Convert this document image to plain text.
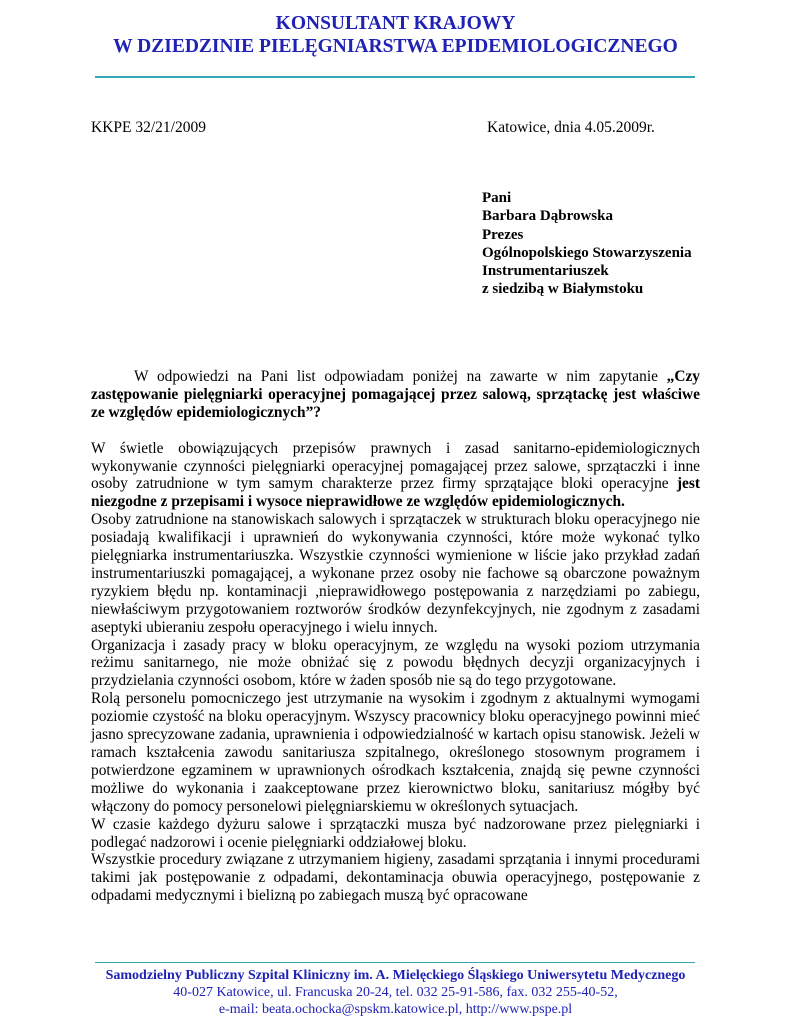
KONSULTANT KRAJOWY
W DZIEDZINIE PIELĘGNIARSTWA EPIDEMIOLOGICZNEGO
KKPE 32/21/2009	Katowice, dnia 4.05.2009r.
Pani
Barbara Dąbrowska
Prezes
Ogólnopolskiego Stowarzyszenia
Instrumentariuszek
z siedzibą w Białymstoku

W odpowiedzi na Pani list odpowiadam poniżej na zawarte w nim zapytanie „Czy zastępowanie pielęgniarki operacyjnej pomagającej przez salową, sprzątackę jest właściwe ze względów epidemiologicznych”?

W świetle obowiązujących przepisów prawnych i zasad sanitarno-epidemiologicznych wykonywanie czynności pielęgniarki operacyjnej pomagającej przez salowe, sprzątaczki i inne osoby zatrudnione w tym samym charakterze przez firmy sprzątające bloki operacyjne jest niezgodne z przepisami i wysoce nieprawidłowe ze względów epidemiologicznych.

Osoby zatrudnione na stanowiskach salowych i sprzątaczek w strukturach bloku operacyjnego nie posiadają kwalifikacji i uprawnień do wykonywania czynności, które może wykonać tylko pielęgniarka instrumentariuszka. Wszystkie czynności wymienione w liście jako przykład zadań instrumentariuszki pomagającej, a wykonane przez osoby nie fachowe są obarczone poważnym ryzykiem błędu np. kontaminacji ,nieprawidłowego postępowania z narzędziami po zabiegu, niewłaściwym przygotowaniem roztworów środków dezynfekcyjnych, nie zgodnym z zasadami aseptyki ubieraniu zespołu operacyjnego i wielu innych.

Organizacja i zasady pracy w bloku operacyjnym, ze względu na wysoki poziom utrzymania reżimu sanitarnego, nie może obniżać się z powodu błędnych decyzji organizacyjnych i przydzielania czynności osobom, które w żaden sposób nie są do tego przygotowane.

Rolą personelu pomocniczego jest utrzymanie na wysokim i zgodnym z aktualnymi wymogami poziomie czystość na bloku operacyjnym. Wszyscy pracownicy bloku operacyjnego powinni mieć jasno sprecyzowane zadania, uprawnienia i odpowiedzialność w kartach opisu stanowisk. Jeżeli w ramach kształcenia zawodu sanitariusza szpitalnego, określonego stosownym programem i potwierdzone egzaminem w uprawnionych ośrodkach kształcenia, znajdą się pewne czynności możliwe do wykonania i zaakceptowane przez kierownictwo bloku, sanitariusz mógłby być włączony do pomocy personelowi pielęgniarskiemu w określonych sytuacjach.

W czasie każdego dyżuru salowe i sprzątaczki musza być nadzorowane przez pielęgniarki i podlegać nadzorowi i ocenie pielęgniarki oddziałowej bloku.

Wszystkie procedury związane z utrzymaniem higieny, zasadami sprzątania i innymi procedurami takimi jak postępowanie z odpadami, dekontaminacja obuwia operacyjnego, postępowanie z odpadami medycznymi i bielizną po zabiegach muszą być opracowane

Samodzielny Publiczny Szpital Kliniczny im. A. Mielęckiego Śląskiego Uniwersytetu Medycznego
40-027 Katowice, ul. Francuska 20-24, tel. 032 25-91-586, fax. 032 255-40-52,
e-mail: beata.ochocka@spskm.katowice.pl, http://www.pspe.pl
